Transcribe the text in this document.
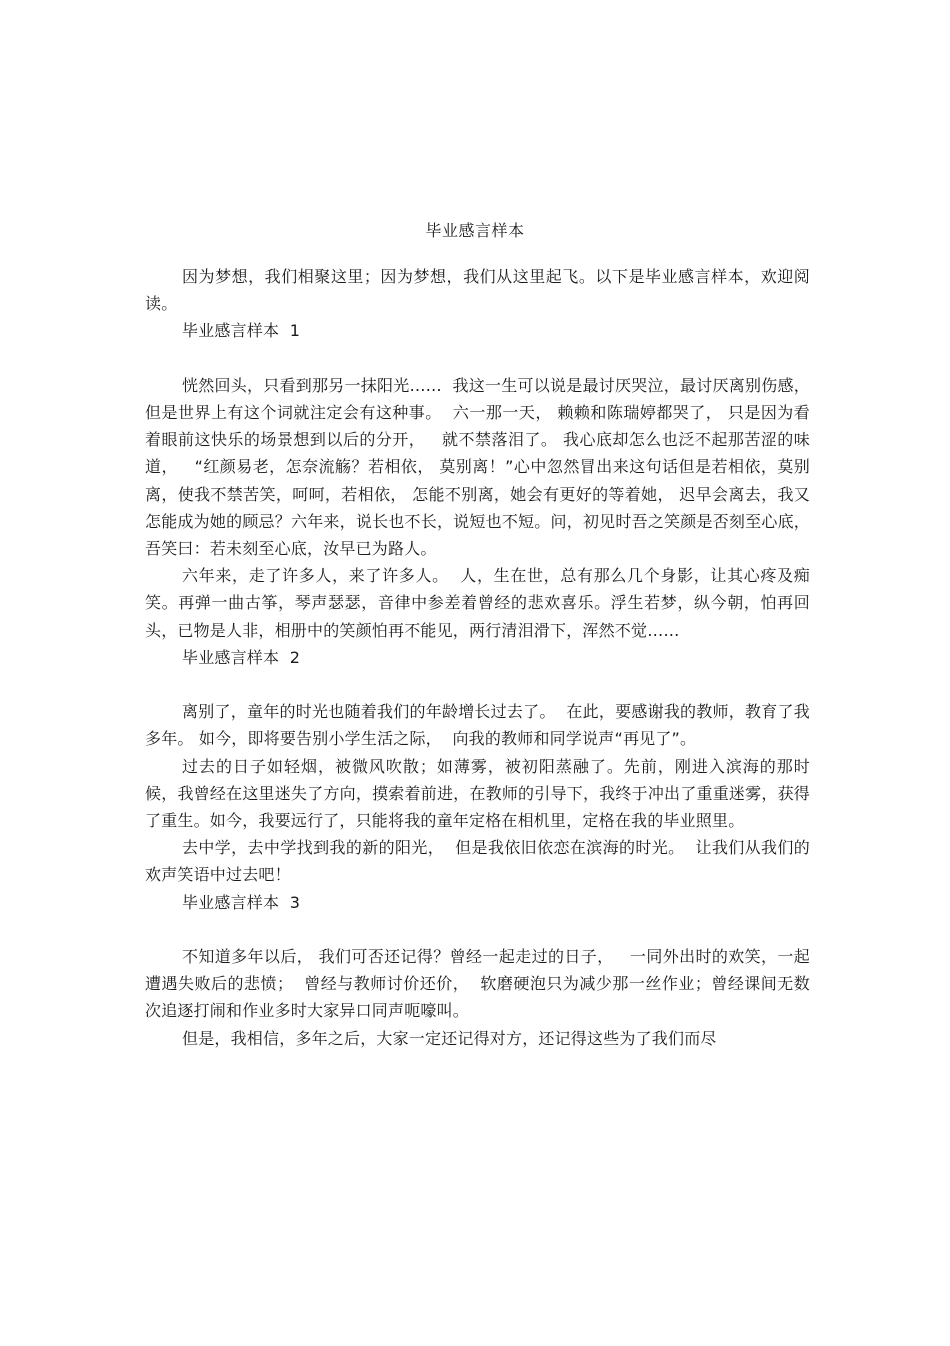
毕业感言样本

因为梦想，我们相聚这里；因为梦想，我们从这里起飞。以下是毕业感言样本，欢迎阅读。

毕业感言样本  1

恍然回头，只看到那另一抹阳光……  我这一生可以说是最讨厌哭泣，最讨厌离别伤感， 但是世界上有这个词就注定会有这种事。  六一那一天， 赖赖和陈瑞婷都哭了， 只是因为看着眼前这快乐的场景想到以后的分开，   就不禁落泪了。 我心底却怎么也泛不起那苦涩的味道，   “红颜易老，怎奈流觞？若相依， 莫别离！”心中忽然冒出来这句话但是若相依，莫别离，使我不禁苦笑，呵呵，若相依， 怎能不别离，她会有更好的等着她， 迟早会离去，我又怎能成为她的顾忌？六年来，说长也不长，说短也不短。问，初见时吾之笑颜是否刻至心底，吾笑曰：若未刻至心底，汝早已为路人。

六年来，走了许多人，来了许多人。  人，生在世，总有那么几个身影，让其心疼及痴笑。再弹一曲古筝，琴声瑟瑟，音律中参差着曾经的悲欢喜乐。浮生若梦，纵今朝，怕再回头，已物是人非，相册中的笑颜怕再不能见，两行清泪滑下，浑然不觉……

毕业感言样本  2

离别了，童年的时光也随着我们的年龄增长过去了。  在此，要感谢我的教师，教育了我多年。 如今，即将要告别小学生活之际，  向我的教师和同学说声“再见了”。

过去的日子如轻烟，被微风吹散；如薄雾，被初阳蒸融了。先前，刚进入滨海的那时候，我曾经在这里迷失了方向，摸索着前进，在教师的引导下，我终于冲出了重重迷雾，获得了重生。如今，我要远行了，只能将我的童年定格在相机里，定格在我的毕业照里。

去中学，去中学找到我的新的阳光，  但是我依旧依恋在滨海的时光。  让我们从我们的欢声笑语中过去吧！

毕业感言样本  3

不知道多年以后， 我们可否还记得？曾经一起走过的日子，   一同外出时的欢笑，一起遭遇失败后的悲愤；  曾经与教师讨价还价，  软磨硬泡只为减少那一丝作业；曾经课间无数次追逐打闹和作业多时大家异口同声呃嚎叫。

但是，我相信，多年之后，大家一定还记得对方，还记得这些为了我们而尽
